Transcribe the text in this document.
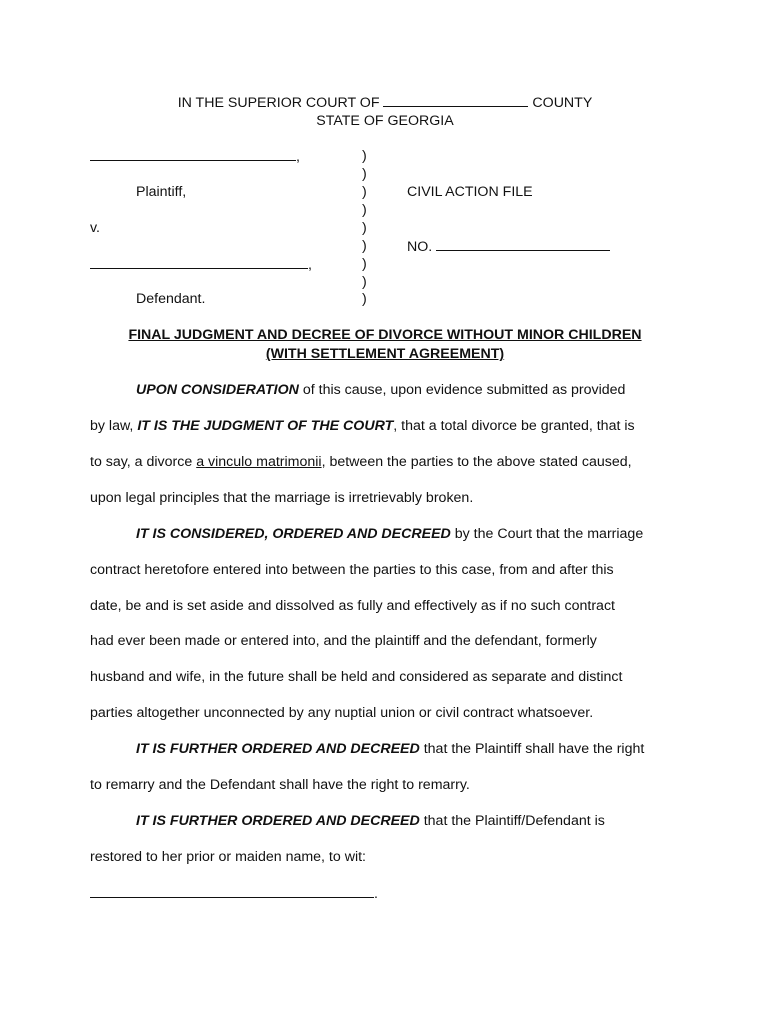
IN THE SUPERIOR COURT OF	COUNTY
STATE OF GEORGIA
,
Plaintiff,
v.
,
Defendant.
)
)
)
)
)
)
)
)
)
CIVIL ACTION FILE
NO.
FINAL JUDGMENT AND DECREE OF DIVORCE WITHOUT MINOR CHILDREN
(WITH SETTLEMENT AGREEMENT)
UPON CONSIDERATION of this cause, upon evidence submitted as provided
by law, IT IS THE JUDGMENT OF THE COURT, that a total divorce be granted, that is
to say, a divorce a vinculo matrimonii, between the parties to the above stated caused,
upon legal principles that the marriage is irretrievably broken.
IT IS CONSIDERED, ORDERED AND DECREED by the Court that the marriage
contract heretofore entered into between the parties to this case, from and after this
date, be and is set aside and dissolved as fully and effectively as if no such contract
had ever been made or entered into, and the plaintiff and the defendant, formerly
husband and wife, in the future shall be held and considered as separate and distinct
parties altogether unconnected by any nuptial union or civil contract whatsoever.
IT IS FURTHER ORDERED AND DECREED that the Plaintiff shall have the right
to remarry and the Defendant shall have the right to remarry.
IT IS FURTHER ORDERED AND DECREED that the Plaintiff/Defendant is
restored to her prior or maiden name, to wit:
.
